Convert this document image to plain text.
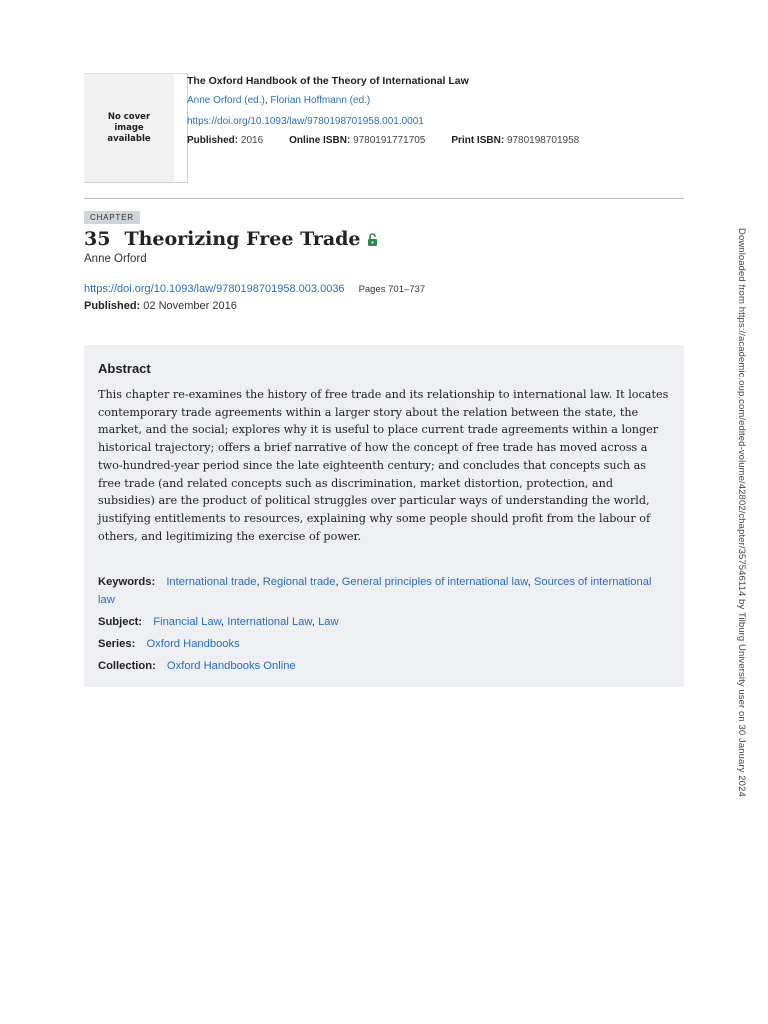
No cover image available
The Oxford Handbook of the Theory of International Law
Anne Orford (ed.), Florian Hoffmann (ed.)
https://doi.org/10.1093/law/9780198701958.001.0001
Published: 2016	Online ISBN: 9780191771705	Print ISBN: 9780198701958
CHAPTER
35 Theorizing Free Trade
Anne Orford
https://doi.org/10.1093/law/9780198701958.003.0036 Pages 701–737
Published: 02 November 2016
Abstract
This chapter re-examines the history of free trade and its relationship to international law. It locates contemporary trade agreements within a larger story about the relation between the state, the market, and the social; explores why it is useful to place current trade agreements within a longer historical trajectory; offers a brief narrative of how the concept of free trade has moved across a two-hundred-year period since the late eighteenth century; and concludes that concepts such as free trade (and related concepts such as discrimination, market distortion, protection, and subsidies) are the product of political struggles over particular ways of understanding the world, justifying entitlements to resources, explaining why some people should profit from the labour of others, and legitimizing the exercise of power.
Keywords: International trade, Regional trade, General principles of international law, Sources of international law
Subject: Financial Law, International Law, Law
Series: Oxford Handbooks
Collection: Oxford Handbooks Online	Downloaded from https://academic.oup.com/edited-volume/42802/chapter/357546114 by Tilburg University user on 30 January 2024
